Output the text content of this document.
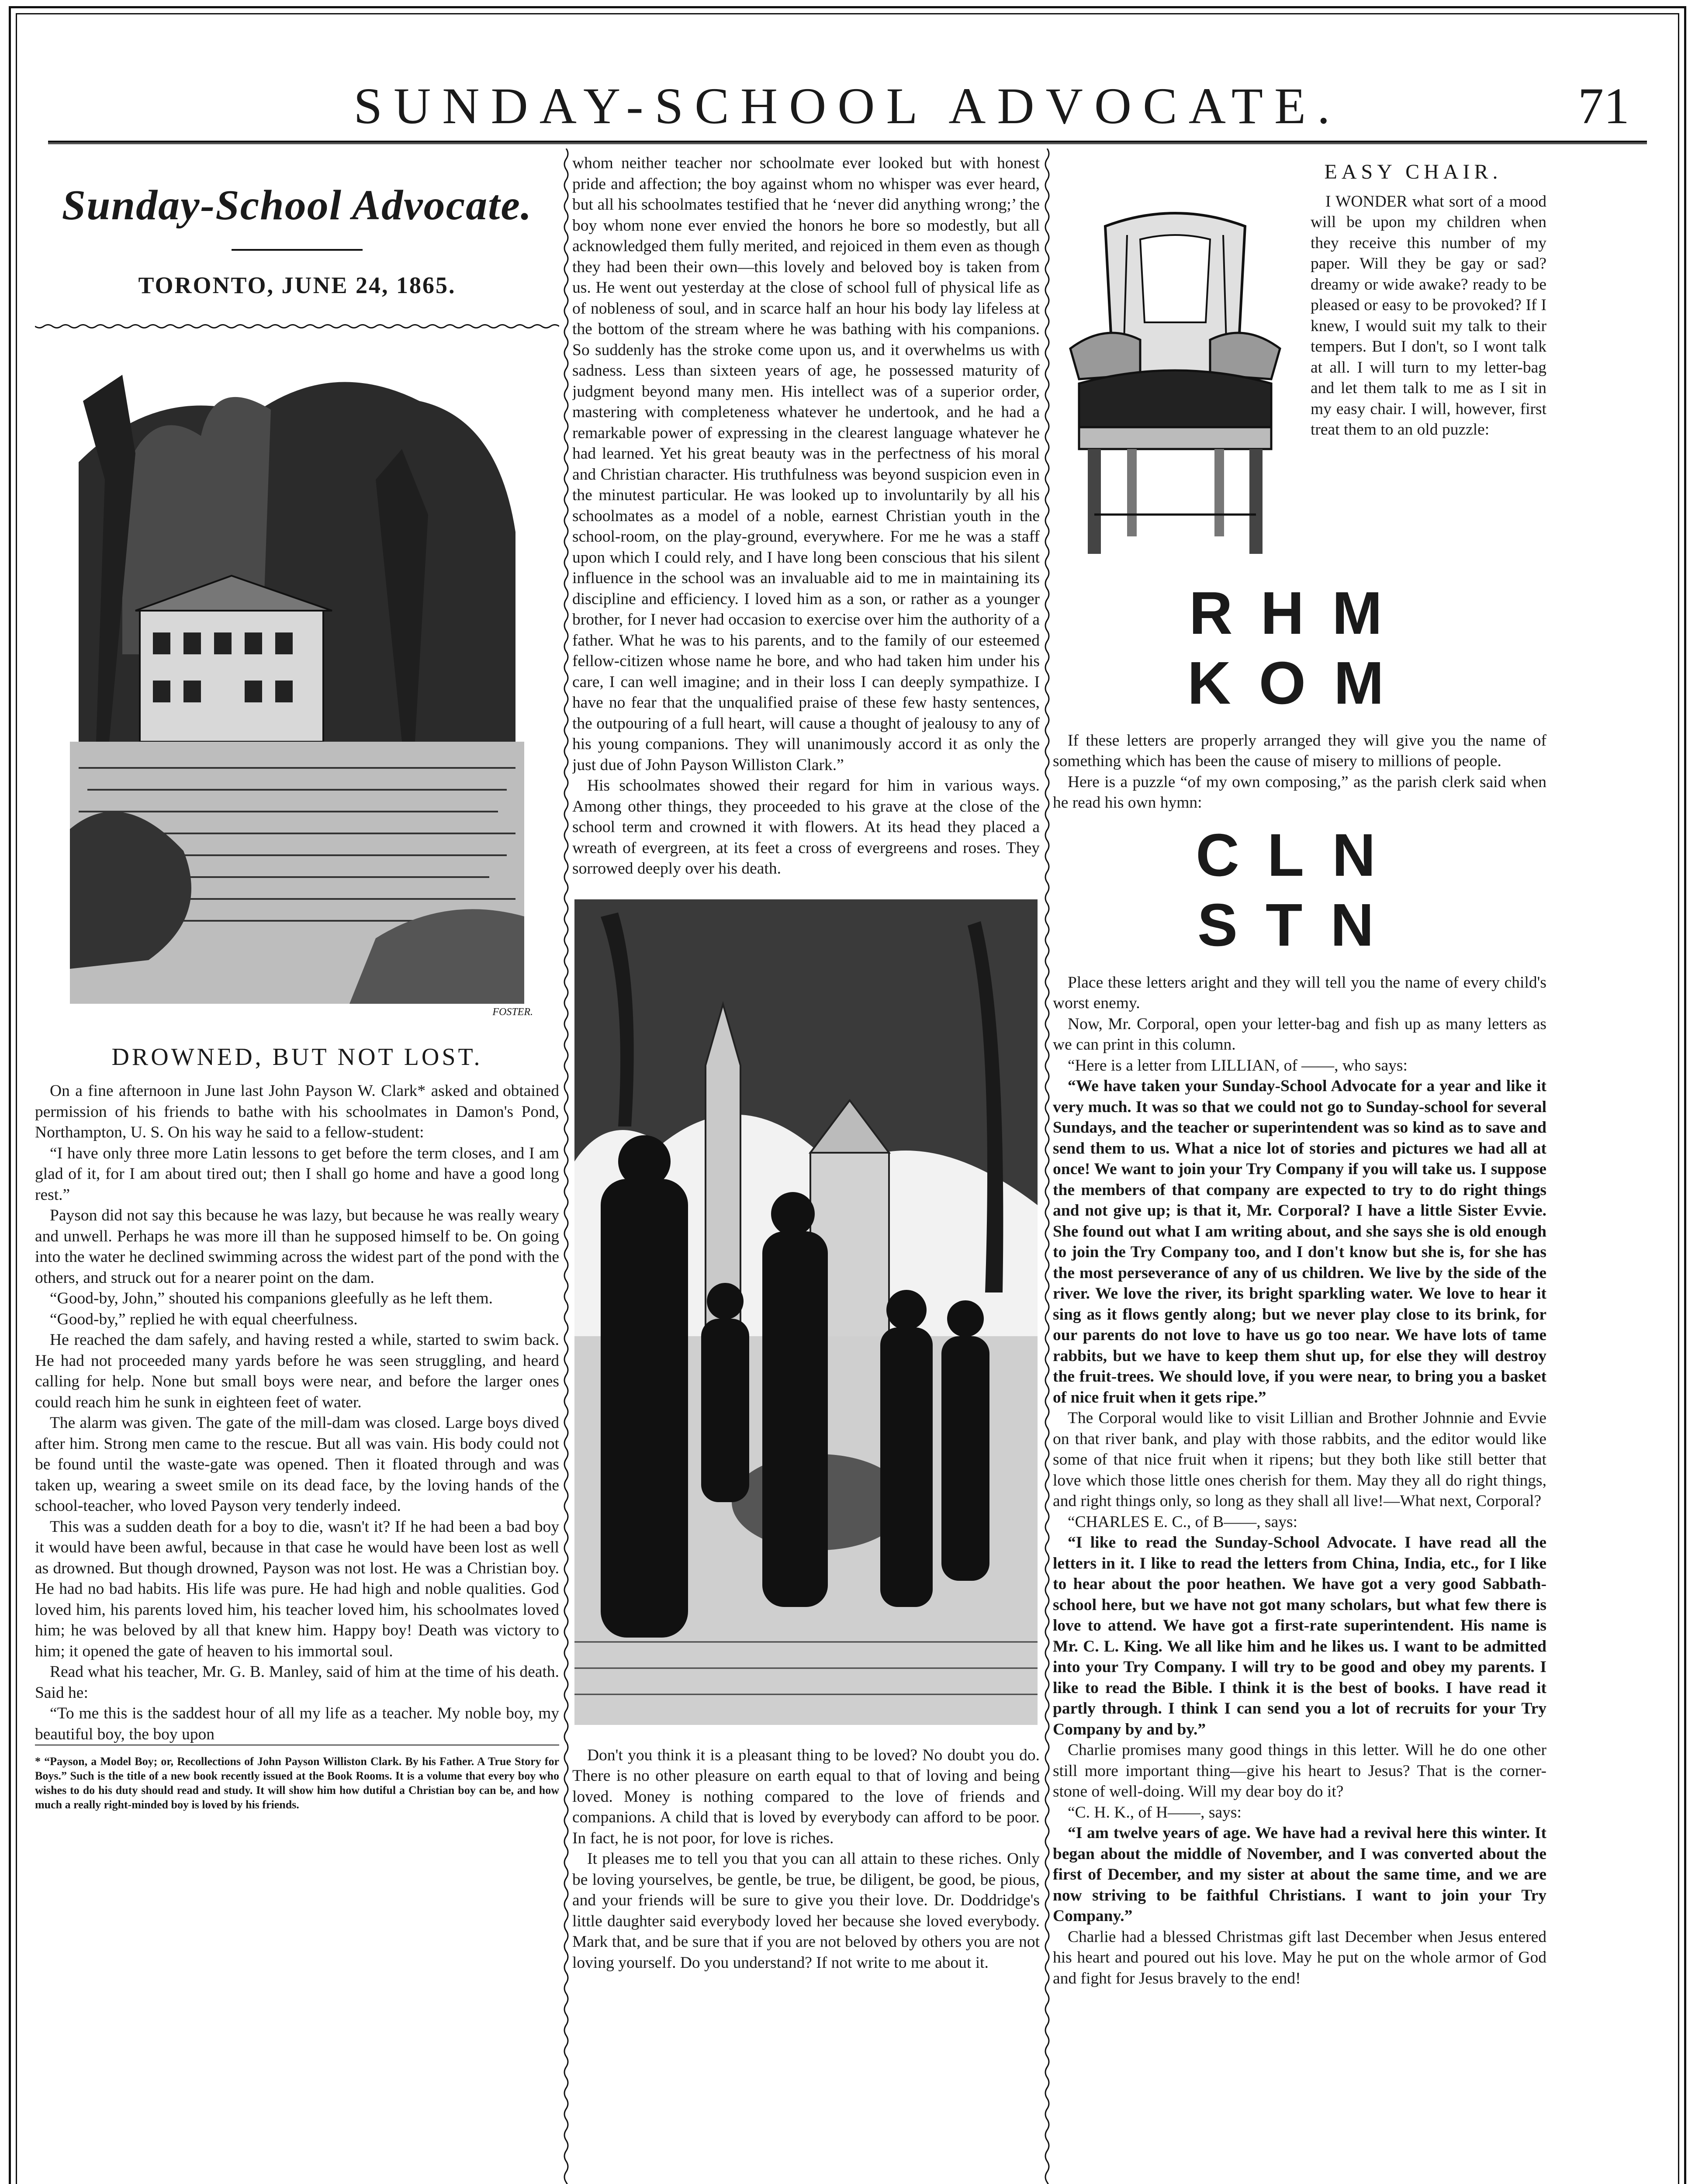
SUNDAY-SCHOOL ADVOCATE.	71
Sunday-School Advocate.
TORONTO, JUNE 24, 1865.
FOSTER.
DROWNED, BUT NOT LOST.

On a fine afternoon in June last John Payson W. Clark* asked and obtained permission of his friends to bathe with his schoolmates in Damon's Pond, Northampton, U. S. On his way he said to a fellow-student:

“I have only three more Latin lessons to get before the term closes, and I am glad of it, for I am about tired out; then I shall go home and have a good long rest.”

Payson did not say this because he was lazy, but because he was really weary and unwell. Perhaps he was more ill than he supposed himself to be. On going into the water he declined swimming across the widest part of the pond with the others, and struck out for a nearer point on the dam.

“Good-by, John,” shouted his companions gleefully as he left them.

“Good-by,” replied he with equal cheerfulness.

He reached the dam safely, and having rested a while, started to swim back. He had not proceeded many yards before he was seen struggling, and heard calling for help. None but small boys were near, and before the larger ones could reach him he sunk in eighteen feet of water.

The alarm was given. The gate of the mill-dam was closed. Large boys dived after him. Strong men came to the rescue. But all was vain. His body could not be found until the waste-gate was opened. Then it floated through and was taken up, wearing a sweet smile on its dead face, by the loving hands of the school-teacher, who loved Payson very tenderly indeed.

This was a sudden death for a boy to die, wasn't it? If he had been a bad boy it would have been awful, because in that case he would have been lost as well as drowned. But though drowned, Payson was not lost. He was a Christian boy. He had no bad habits. His life was pure. He had high and noble qualities. God loved him, his parents loved him, his teacher loved him, his schoolmates loved him; he was beloved by all that knew him. Happy boy! Death was victory to him; it opened the gate of heaven to his immortal soul.

Read what his teacher, Mr. G. B. Manley, said of him at the time of his death. Said he:

“To me this is the saddest hour of all my life as a teacher. My noble boy, my beautiful boy, the boy upon

* “Payson, a Model Boy; or, Recollections of John Payson Williston Clark. By his Father. A True Story for Boys.” Such is the title of a new book recently issued at the Book Rooms. It is a volume that every boy who wishes to do his duty should read and study. It will show him how dutiful a Christian boy can be, and how much a really right-minded boy is loved by his friends.

whom neither teacher nor schoolmate ever looked but with honest pride and affection; the boy against whom no whisper was ever heard, but all his schoolmates testified that he ‘never did anything wrong;’ the boy whom none ever envied the honors he bore so modestly, but all acknowledged them fully merited, and rejoiced in them even as though they had been their own—this lovely and beloved boy is taken from us. He went out yesterday at the close of school full of physical life as of nobleness of soul, and in scarce half an hour his body lay lifeless at the bottom of the stream where he was bathing with his companions. So suddenly has the stroke come upon us, and it overwhelms us with sadness. Less than sixteen years of age, he possessed maturity of judgment beyond many men. His intellect was of a superior order, mastering with completeness whatever he undertook, and he had a remarkable power of expressing in the clearest language whatever he had learned. Yet his great beauty was in the perfectness of his moral and Christian character. His truthfulness was beyond suspicion even in the minutest particular. He was looked up to involuntarily by all his schoolmates as a model of a noble, earnest Christian youth in the school-room, on the play-ground, everywhere. For me he was a staff upon which I could rely, and I have long been conscious that his silent influence in the school was an invaluable aid to me in maintaining its discipline and efficiency. I loved him as a son, or rather as a younger brother, for I never had occasion to exercise over him the authority of a father. What he was to his parents, and to the family of our esteemed fellow-citizen whose name he bore, and who had taken him under his care, I can well imagine; and in their loss I can deeply sympathize. I have no fear that the unqualified praise of these few hasty sentences, the outpouring of a full heart, will cause a thought of jealousy to any of his young companions. They will unanimously accord it as only the just due of John Payson Williston Clark.”

His schoolmates showed their regard for him in various ways. Among other things, they proceeded to his grave at the close of the school term and crowned it with flowers. At its head they placed a wreath of evergreen, at its feet a cross of evergreens and roses. They sorrowed deeply over his death.

Don't you think it is a pleasant thing to be loved? No doubt you do. There is no other pleasure on earth equal to that of loving and being loved. Money is nothing compared to the love of friends and companions. A child that is loved by everybody can afford to be poor. In fact, he is not poor, for love is riches.

It pleases me to tell you that you can all attain to these riches. Only be loving yourselves, be gentle, be true, be diligent, be good, be pious, and your friends will be sure to give you their love. Dr. Doddridge's little daughter said everybody loved her because she loved everybody. Mark that, and be sure that if you are not beloved by others you are not loving yourself. Do you understand? If not write to me about it.

EASY CHAIR.

I WONDER what sort of a mood will be upon my children when they receive this number of my paper. Will they be gay or sad? dreamy or wide awake? ready to be pleased or easy to be provoked? If I knew, I would suit my talk to their tempers. But I don't, so I wont talk at all. I will turn to my letter-bag and let them talk to me as I sit in my easy chair. I will, however, first treat them to an old puzzle:

RHM
KOM

If these letters are properly arranged they will give you the name of something which has been the cause of misery to millions of people.

Here is a puzzle “of my own composing,” as the parish clerk said when he read his own hymn:

CLN
STN

Place these letters aright and they will tell you the name of every child's worst enemy.

Now, Mr. Corporal, open your letter-bag and fish up as many letters as we can print in this column.

“Here is a letter from LILLIAN, of ——, who says:

“We have taken your Sunday-School Advocate for a year and like it very much. It was so that we could not go to Sunday-school for several Sundays, and the teacher or superintendent was so kind as to save and send them to us. What a nice lot of stories and pictures we had all at once! We want to join your Try Company if you will take us. I suppose the members of that company are expected to try to do right things and not give up; is that it, Mr. Corporal? I have a little Sister Evvie. She found out what I am writing about, and she says she is old enough to join the Try Company too, and I don't know but she is, for she has the most perseverance of any of us children. We live by the side of the river. We love the river, its bright sparkling water. We love to hear it sing as it flows gently along; but we never play close to its brink, for our parents do not love to have us go too near. We have lots of tame rabbits, but we have to keep them shut up, for else they will destroy the fruit-trees. We should love, if you were near, to bring you a basket of nice fruit when it gets ripe.”

The Corporal would like to visit Lillian and Brother Johnnie and Evvie on that river bank, and play with those rabbits, and the editor would like some of that nice fruit when it ripens; but they both like still better that love which those little ones cherish for them. May they all do right things, and right things only, so long as they shall all live!—What next, Corporal?

“CHARLES E. C., of B——, says:

“I like to read the Sunday-School Advocate. I have read all the letters in it. I like to read the letters from China, India, etc., for I like to hear about the poor heathen. We have got a very good Sabbath-school here, but we have not got many scholars, but what few there is love to attend. We have got a first-rate superintendent. His name is Mr. C. L. King. We all like him and he likes us. I want to be admitted into your Try Company. I will try to be good and obey my parents. I like to read the Bible. I think it is the best of books. I have read it partly through. I think I can send you a lot of recruits for your Try Company by and by.”

Charlie promises many good things in this letter. Will he do one other still more important thing—give his heart to Jesus? That is the corner-stone of well-doing. Will my dear boy do it?

“C. H. K., of H——, says:

“I am twelve years of age. We have had a revival here this winter. It began about the middle of November, and I was converted about the first of December, and my sister at about the same time, and we are now striving to be faithful Christians. I want to join your Try Company.”

Charlie had a blessed Christmas gift last December when Jesus entered his heart and poured out his love. May he put on the whole armor of God and fight for Jesus bravely to the end!
